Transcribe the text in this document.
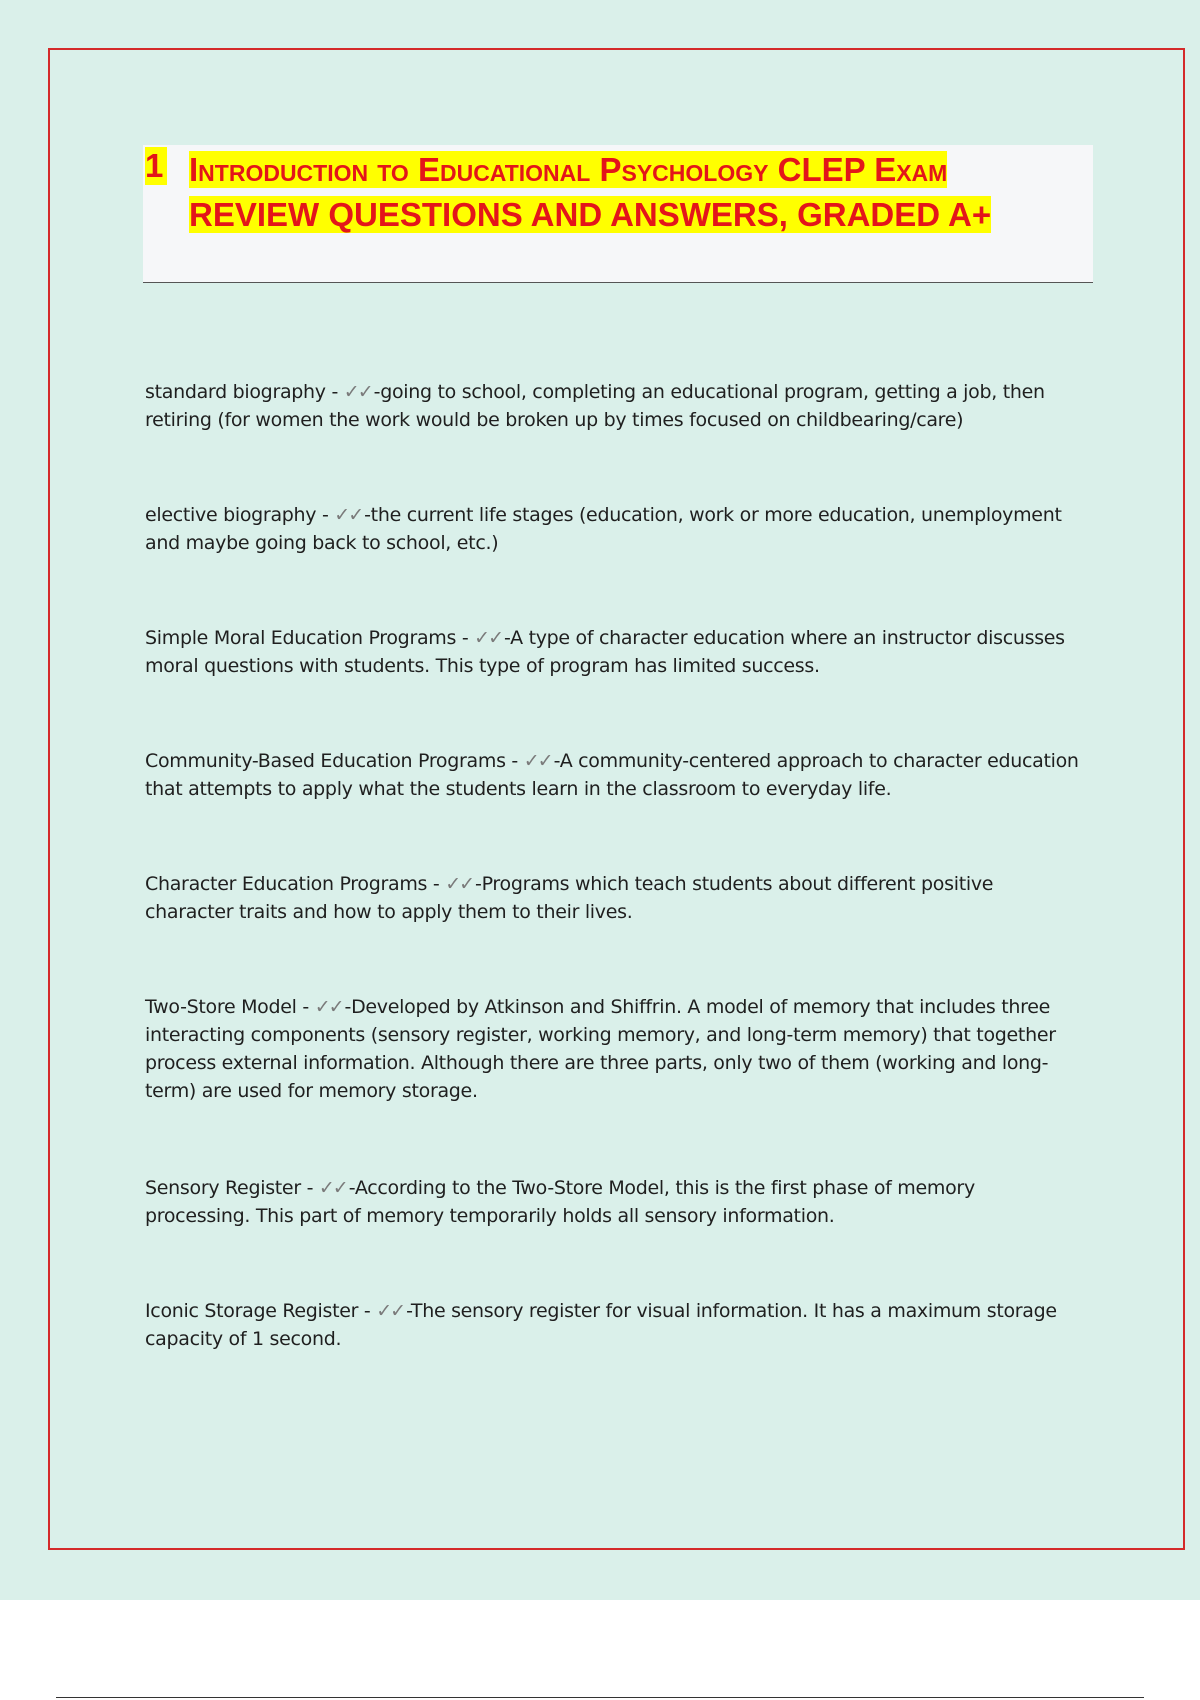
1 Introduction to Educational Psychology CLEP Exam REVIEW QUESTIONS AND ANSWERS, GRADED A+

standard biography - ✓✓ -going to school, completing an educational program, getting a job, then retiring (for women the work would be broken up by times focused on childbearing/care)

elective biography - ✓✓ -the current life stages (education, work or more education, unemployment and maybe going back to school, etc.)

Simple Moral Education Programs - ✓✓ -A type of character education where an instructor discusses moral questions with students. This type of program has limited success.

Community-Based Education Programs - ✓✓ -A community-centered approach to character education that attempts to apply what the students learn in the classroom to everyday life.

Character Education Programs - ✓✓ -Programs which teach students about different positive character traits and how to apply them to their lives.

Two-Store Model - ✓✓ -Developed by Atkinson and Shiffrin. A model of memory that includes three interacting components (sensory register, working memory, and long-term memory) that together process external information. Although there are three parts, only two of them (working and long-term) are used for memory storage.

Sensory Register - ✓✓ -According to the Two-Store Model, this is the first phase of memory processing. This part of memory temporarily holds all sensory information.

Iconic Storage Register - ✓✓ -The sensory register for visual information. It has a maximum storage capacity of 1 second.
